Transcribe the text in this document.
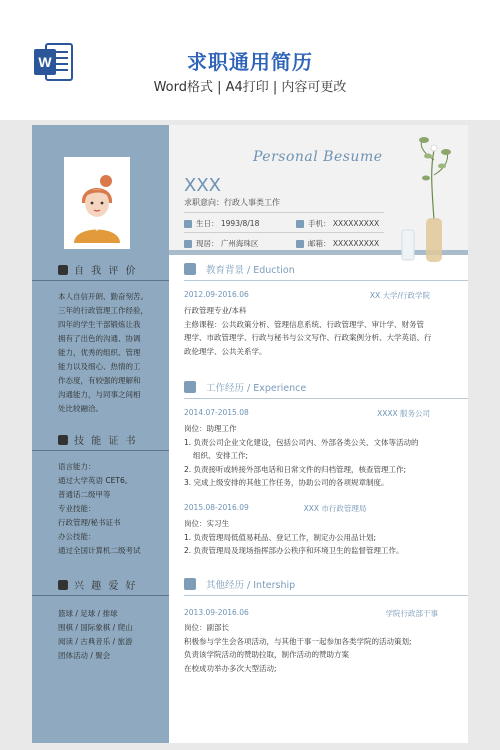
W	求职通用简历
Word格式 | A4打印 | 内容可更改
Personal Besume
XXX
求职意向：行政人事类工作
生日： 1993/8/18	手机： XXXXXXXXX
现居： 广州海珠区	邮箱： XXXXXXXXX
自 我 评 价

本人自信开朗、勤奋刻苦。

三年的行政管理工作经验，

四年的学生干部锻炼让我

拥有了出色的沟通、协调

能力，优秀的组织、管理

能力以及细心、热情的工

作态度，有较强的理解和

沟通能力，与同事之间相

处比较融洽。

技 能 证 书

语言能力：

通过大学英语 CET6。

普通话二级甲等

专业技能：

行政管理/秘书证书

办公技能：

通过全国计算机二级考试

兴 趣 爱 好

篮球 / 足球 / 排球

围棋 / 国际象棋 / 爬山

阅读 / 古典音乐 / 旅游

团体活动 / 聚会

教育背景 / Eduction
2012.09-2016.06	XX 大学/行政学院

行政管理专业/本科

主修课程：公共政策分析、管理信息系统、行政管理学、审计学、财务管

理学、市政管理学、行政与秘书与公文写作、行政案例分析、大学英语、行

政伦理学、公共关系学。

工作经历 / Experience
2014.07-2015.08	XXXX 服务公司

岗位：助理工作

1. 负责公司企业文化建设，包括公司内、外部各类公关、文体等活动的

组织、安排工作;

2. 负责接听或转接外部电话和日常文件的归档管理，核查管理工作;

3. 完成上级安排的其他工作任务，协助公司的各项规章制度。

2015.08-2016.09	XXX 市行政管理局

岗位：实习生

1. 负责管理局低值易耗品、登记工作，制定办公用品计划;

2. 负责管理局及现场指挥部办公秩序和环境卫生的监督管理工作。

其他经历 / Intership
2013.09-2016.06	学院行政部干事

岗位：副部长

积极参与学生会各项活动，与其他干事一起参加各类学院的活动策划;

负责该学院活动的赞助拉取，制作活动的赞助方案

在校成功举办多次大型活动;
